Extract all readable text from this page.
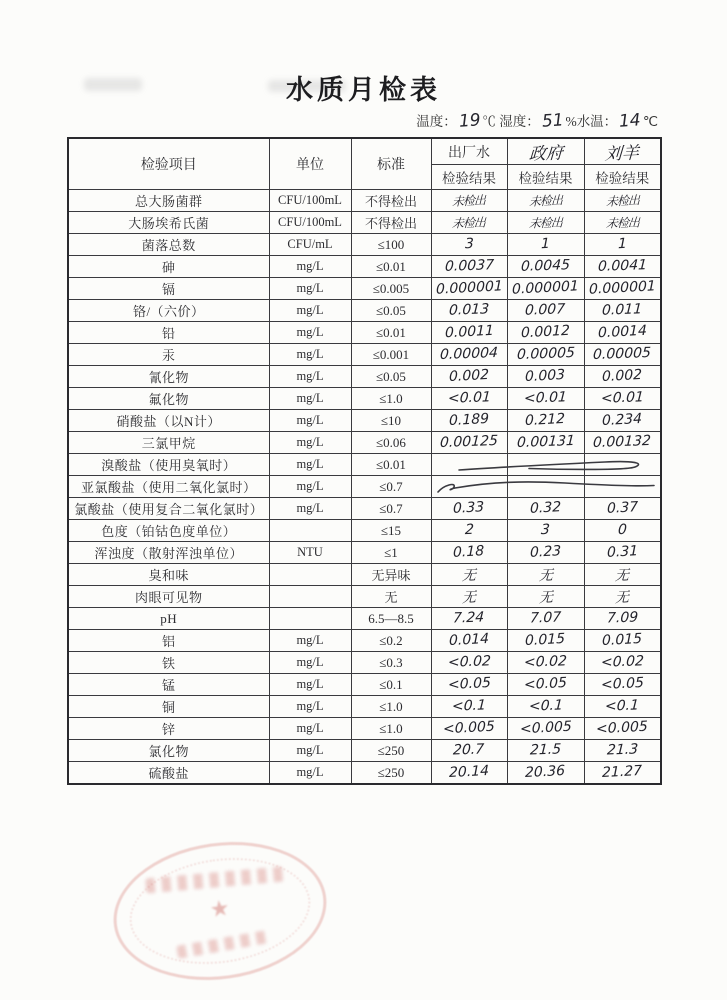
水质月检表
温度：19℃ 湿度：51%水温：14℃
检验项目	单位	标准	出厂水	政府	刘羊
			检验结果	检验结果	检验结果
总大肠菌群	CFU/100mL	不得检出	未检出	未检出	未检出
大肠埃希氏菌	CFU/100mL	不得检出	未检出	未检出	未检出
菌落总数	CFU/mL	≤100	3	1	1
砷	mg/L	≤0.01	0.0037	0.0045	0.0041
镉	mg/L	≤0.005	0.000001	0.000001	0.000001
铬/（六价）	mg/L	≤0.05	0.013	0.007	0.011
铅	mg/L	≤0.01	0.0011	0.0012	0.0014
汞	mg/L	≤0.001	0.00004	0.00005	0.00005
氰化物	mg/L	≤0.05	0.002	0.003	0.002
氟化物	mg/L	≤1.0	<0.01	<0.01	<0.01
硝酸盐（以N计）	mg/L	≤10	0.189	0.212	0.234
三氯甲烷	mg/L	≤0.06	0.00125	0.00131	0.00132
溴酸盐（使用臭氧时）	mg/L	≤0.01	

亚氯酸盐（使用二氧化氯时）	mg/L	≤0.7	

氯酸盐（使用复合二氧化氯时）	mg/L	≤0.7	0.33	0.32	0.37
色度（铂钴色度单位）		≤15	2	3	0
浑浊度（散射浑浊单位）	NTU	≤1	0.18	0.23	0.31
臭和味		无异味	无	无	无
肉眼可见物		无	无	无	无
pH		6.5—8.5	7.24	7.07	7.09
铝	mg/L	≤0.2	0.014	0.015	0.015
铁	mg/L	≤0.3	<0.02	<0.02	<0.02
锰	mg/L	≤0.1	<0.05	<0.05	<0.05
铜	mg/L	≤1.0	<0.1	<0.1	<0.1
锌	mg/L	≤1.0	<0.005	<0.005	<0.005
氯化物	mg/L	≤250	20.7	21.5	21.3
硫酸盐	mg/L	≤250	20.14	20.36	21.27
★
